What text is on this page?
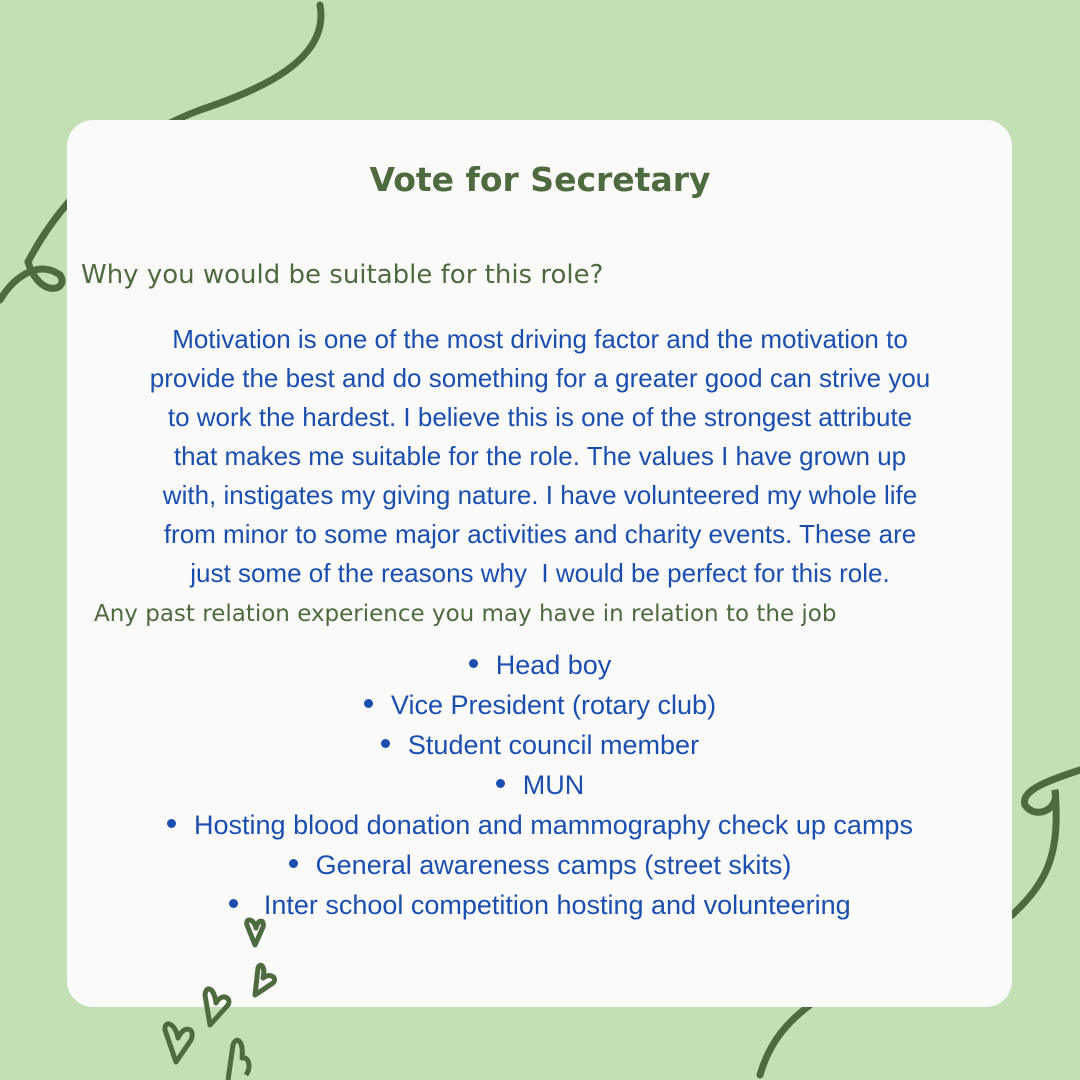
Vote for Secretary
Why you would be suitable for this role?
Motivation is one of the most driving factor and the motivation to
provide the best and do something for a greater good can strive you
to work the hardest. I believe this is one of the strongest attribute
that makes me suitable for the role. The values I have grown up
with, instigates my giving nature. I have volunteered my whole life
from minor to some major activities and charity events. These are
just some of the reasons why  I would be perfect for this role.
Any past relation experience you may have in relation to the job
Head boy
Vice President (rotary club)
Student council member
MUN
Hosting blood donation and mammography check up camps
General awareness camps (street skits)
Inter school competition hosting and volunteering
